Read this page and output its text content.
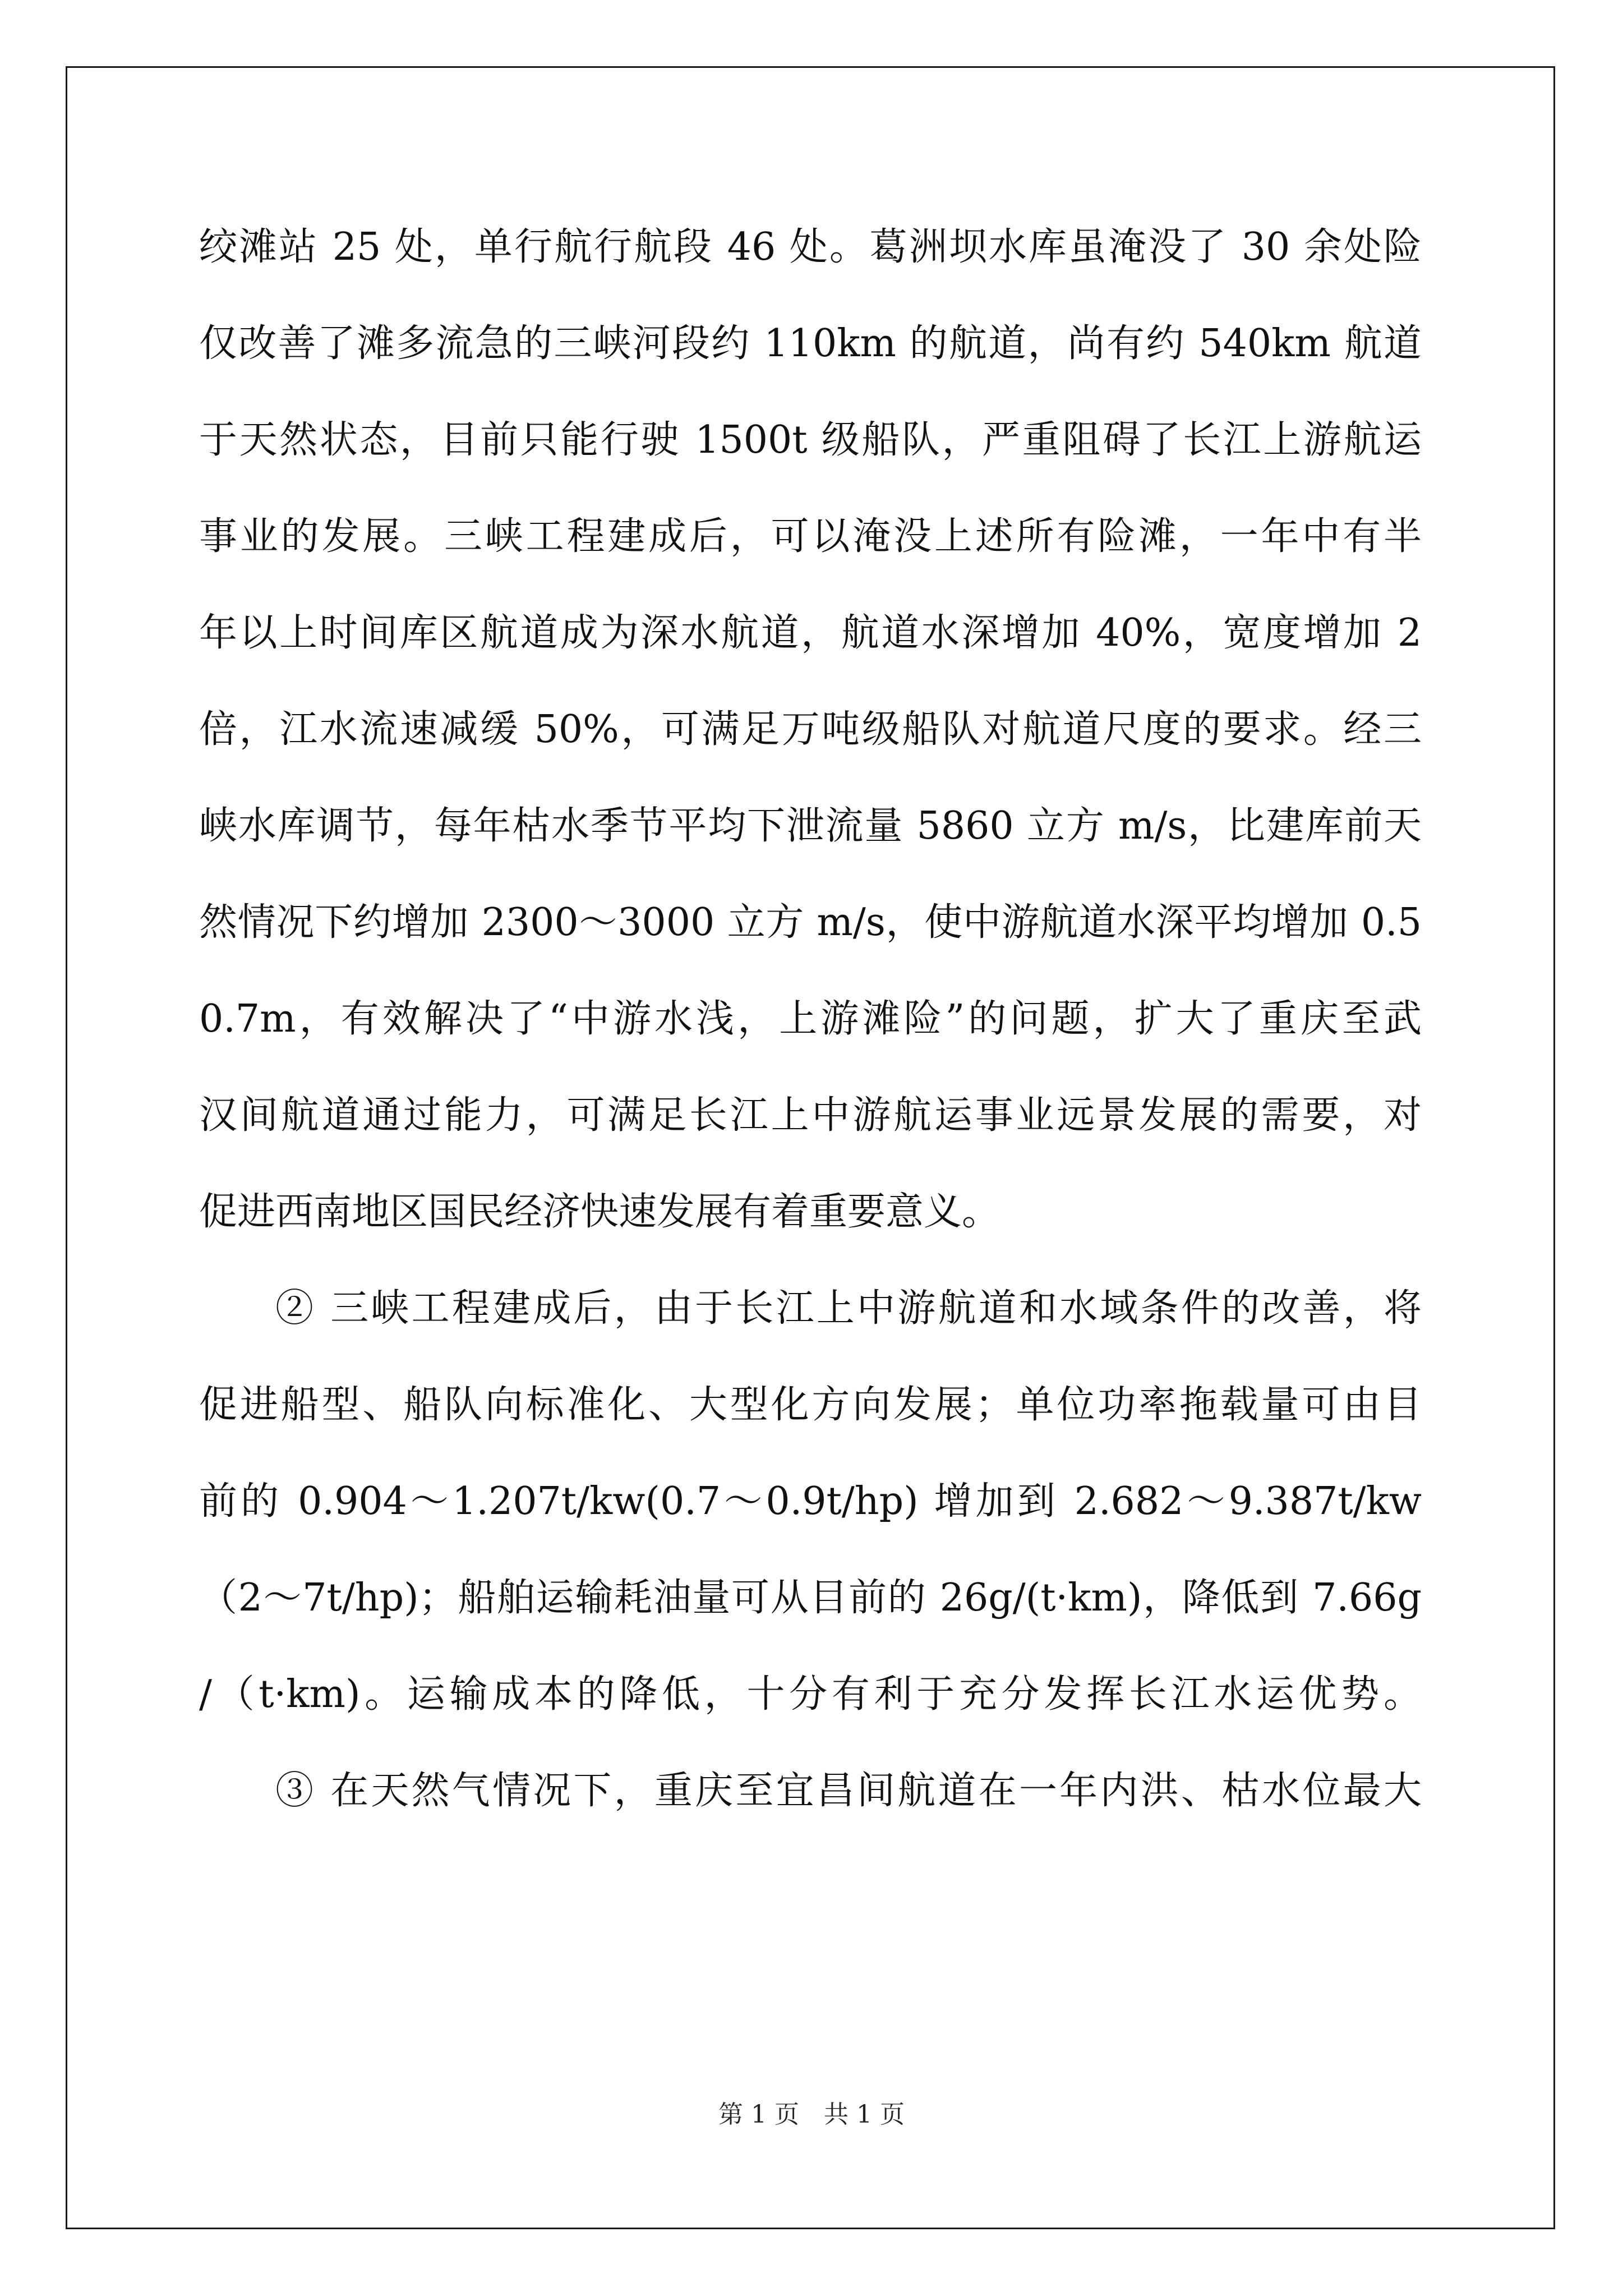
绞滩站 25 处，单行航行航段 46 处。葛洲坝水库虽淹没了 30 余处险
仅改善了滩多流急的三峡河段约 110km 的航道，尚有约 540km 航道
于天然状态，目前只能行驶 1500t 级船队，严重阻碍了长江上游航运
事业的发展。三峡工程建成后，可以淹没上述所有险滩，一年中有半
年以上时间库区航道成为深水航道，航道水深增加 40%，宽度增加 2
倍，江水流速减缓 50%，可满足万吨级船队对航道尺度的要求。经三
峡水库调节，每年枯水季节平均下泄流量 5860 立方 m/s，比建库前天
然情况下约增加 2300～3000 立方 m/s，使中游航道水深平均增加 0.5
0.7m，有效解决了“中游水浅，上游滩险”的问题，扩大了重庆至武
汉间航道通过能力，可满足长江上中游航运事业远景发展的需要，对
促进西南地区国民经济快速发展有着重要意义。
② 三峡工程建成后，由于长江上中游航道和水域条件的改善，将
促进船型、船队向标准化、大型化方向发展；单位功率拖载量可由目
前的 0.904～1.207t/kw(0.7～0.9t/hp) 增加到 2.682～9.387t/kw
（2～7t/hp)；船舶运输耗油量可从目前的 26g/(t·km)，降低到 7.66g
/（t·km)。运输成本的降低，十分有利于充分发挥长江水运优势。
③ 在天然气情况下，重庆至宜昌间航道在一年内洪、枯水位最大
第 1 页 共 1 页
